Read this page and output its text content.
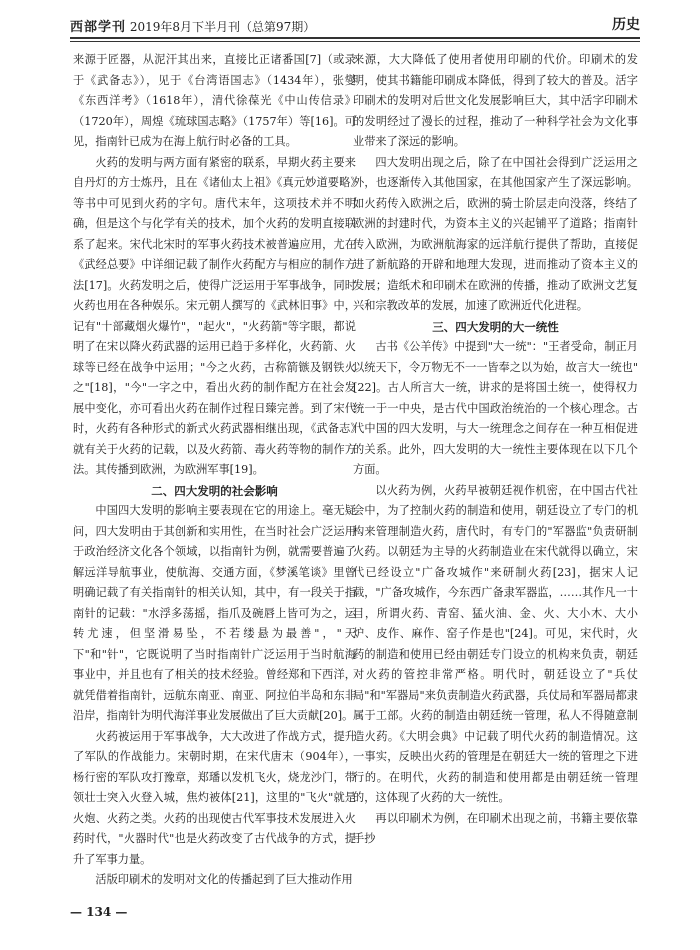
西部学刊 2019年8月下半月刊（总第97期）	历史

来源于匠器，从泥汗其出来，直接比正诸番国[7]（或录于《武备志》），见于《台湾语国志》（1434年），张燮《东西洋考》（1618年），清代徐葆光《中山传信录》（1720年），周煌《琉球国志略》（1757年）等[16]。可见，指南针已成为在海上航行时必备的工具。

火药的发明与两方面有紧密的联系，早期火药主要来自丹灯的方士炼丹，且在《诸仙太上祖》《真元妙道要略》等书中可见到火药的字句。唐代末年，这项技术并不明确，但是这个与化学有关的技术，加个火药的发明直接联系了起来。宋代北宋时的军事火药技术被普遍应用，尤在《武经总要》中详细记载了制作火药配方与相应的制作方法[17]。火药发明之后，使得广泛运用于军事战争，同时火药也用在各种娱乐。宋元朝人撰写的《武林旧事》中，记有"十部藏烟火爆竹"，"起火"，"火药箭"等字眼，都说明了在宋以降火药武器的运用已趋于多样化，火药箭、火球等已经在战争中运用；"今之火药，古称箭镞及钢铁火之"[18]，"今"一字之中，看出火药的制作配方在社会发展中变化，亦可看出火药在制作过程日臻完善。到了宋代时，火药有各种形式的新式火药武器相继出现，《武备志》就有关于火药的记载，以及火药箭、毒火药等物的制作方法。其传播到欧洲，为欧洲军事[19]。

二、四大发明的社会影响

中国四大发明的影响主要表现在它的用途上。毫无疑问，四大发明由于其创新和实用性，在当时社会广泛运用于政治经济文化各个领域，以指南针为例，就需要普遍了解远洋导航事业，使航海、交通方面，《梦溪笔谈》里曾明确记载了有关指南针的相关认知，其中，有一段关于指南针的记载："水浮多荡摇，指爪及碗唇上皆可为之，运转尤速，但坚滑易坠，不若缕悬为最善"，"天下"和"针"，它既说明了当时指南针广泛运用于当时航海事业中，并且也有了相关的技术经验。曾经郑和下西洋，就凭借着指南针，远航东南亚、南亚、阿拉伯半岛和东非沿岸，指南针为明代海洋事业发展做出了巨大贡献[20]。

火药被运用于军事战争，大大改进了作战方式，提升了军队的作战能力。宋朝时期，在宋代唐末（904年），杨行密的军队攻打豫章，郑璠以发机飞火，烧龙沙门，带领壮士突入火登入城，焦灼被体[21]，这里的"飞火"就是火炮、火药之类。火药的出现使古代军事技术发展进入火药时代，"火器时代"也是火药改变了古代战争的方式，提升了军事力量。

活版印刷术的发明对文化的传播起到了巨大推动作用

来源，大大降低了使用者使用印刷的代价。印刷术的发明，使其书籍能印刷成本降低，得到了较大的普及。活字印刷术的发明对后世文化发展影响巨大，其中活字印刷术的发明经过了漫长的过程，推动了一种科学社会为文化事业带来了深远的影响。

四大发明出现之后，除了在中国社会得到广泛运用之外，也逐渐传入其他国家，在其他国家产生了深远影响。如火药传入欧洲之后，欧洲的骑士阶层走向没落，终结了欧洲的封建时代，为资本主义的兴起铺平了道路；指南针传入欧洲，为欧洲航海家的远洋航行提供了帮助，直接促进了新航路的开辟和地理大发现，进而推动了资本主义的发展；造纸术和印刷术在欧洲的传播，推动了欧洲文艺复兴和宗教改革的发展，加速了欧洲近代化进程。

三、四大发明的大一统性

古书《公羊传》中提到"大一统"："王者受命，制正月以统天下，令万物无不一一皆奉之以为始，故言大一统也"[22]。古人所言大一统，讲求的是将国土统一，使得权力统一于一中央，是古代中国政治统治的一个核心理念。古代中国的四大发明，与大一统理念之间存在一种互相促进的关系。此外，四大发明的大一统性主要体现在以下几个方面。

以火药为例，火药早被朝廷视作机密，在中国古代社会中，为了控制火药的制造和使用，朝廷设立了专门的机构来管理制造火药，唐代时，有专门的"军器监"负责研制火药。以朝廷为主导的火药制造业在宋代就得以确立，宋代已经设立"广备攻城作"来研制火药[23]，据宋人记载，"广备攻城作，今东西广备隶军器监，……其作凡一十目，所谓火药、青窑、猛火油、金、火、大小木、大小炉、皮作、麻作、窑子作是也"[24]。可见，宋代时，火药的制造和使用已经由朝廷专门设立的机构来负责，朝廷对火药的管控非常严格。明代时，朝廷设立了"兵仗局"和"军器局"来负责制造火药武器，兵仗局和军器局都隶属于工部。火药的制造由朝廷统一管理，私人不得随意制造火药。《大明会典》中记载了明代火药的制造情况。这一事实，反映出火药的管理是在朝廷大一统的管理之下进行的。在明代，火药的制造和使用都是由朝廷统一管理的，这体现了火药的大一统性。

再以印刷术为例，在印刷术出现之前，书籍主要依靠手抄

— 134 —
